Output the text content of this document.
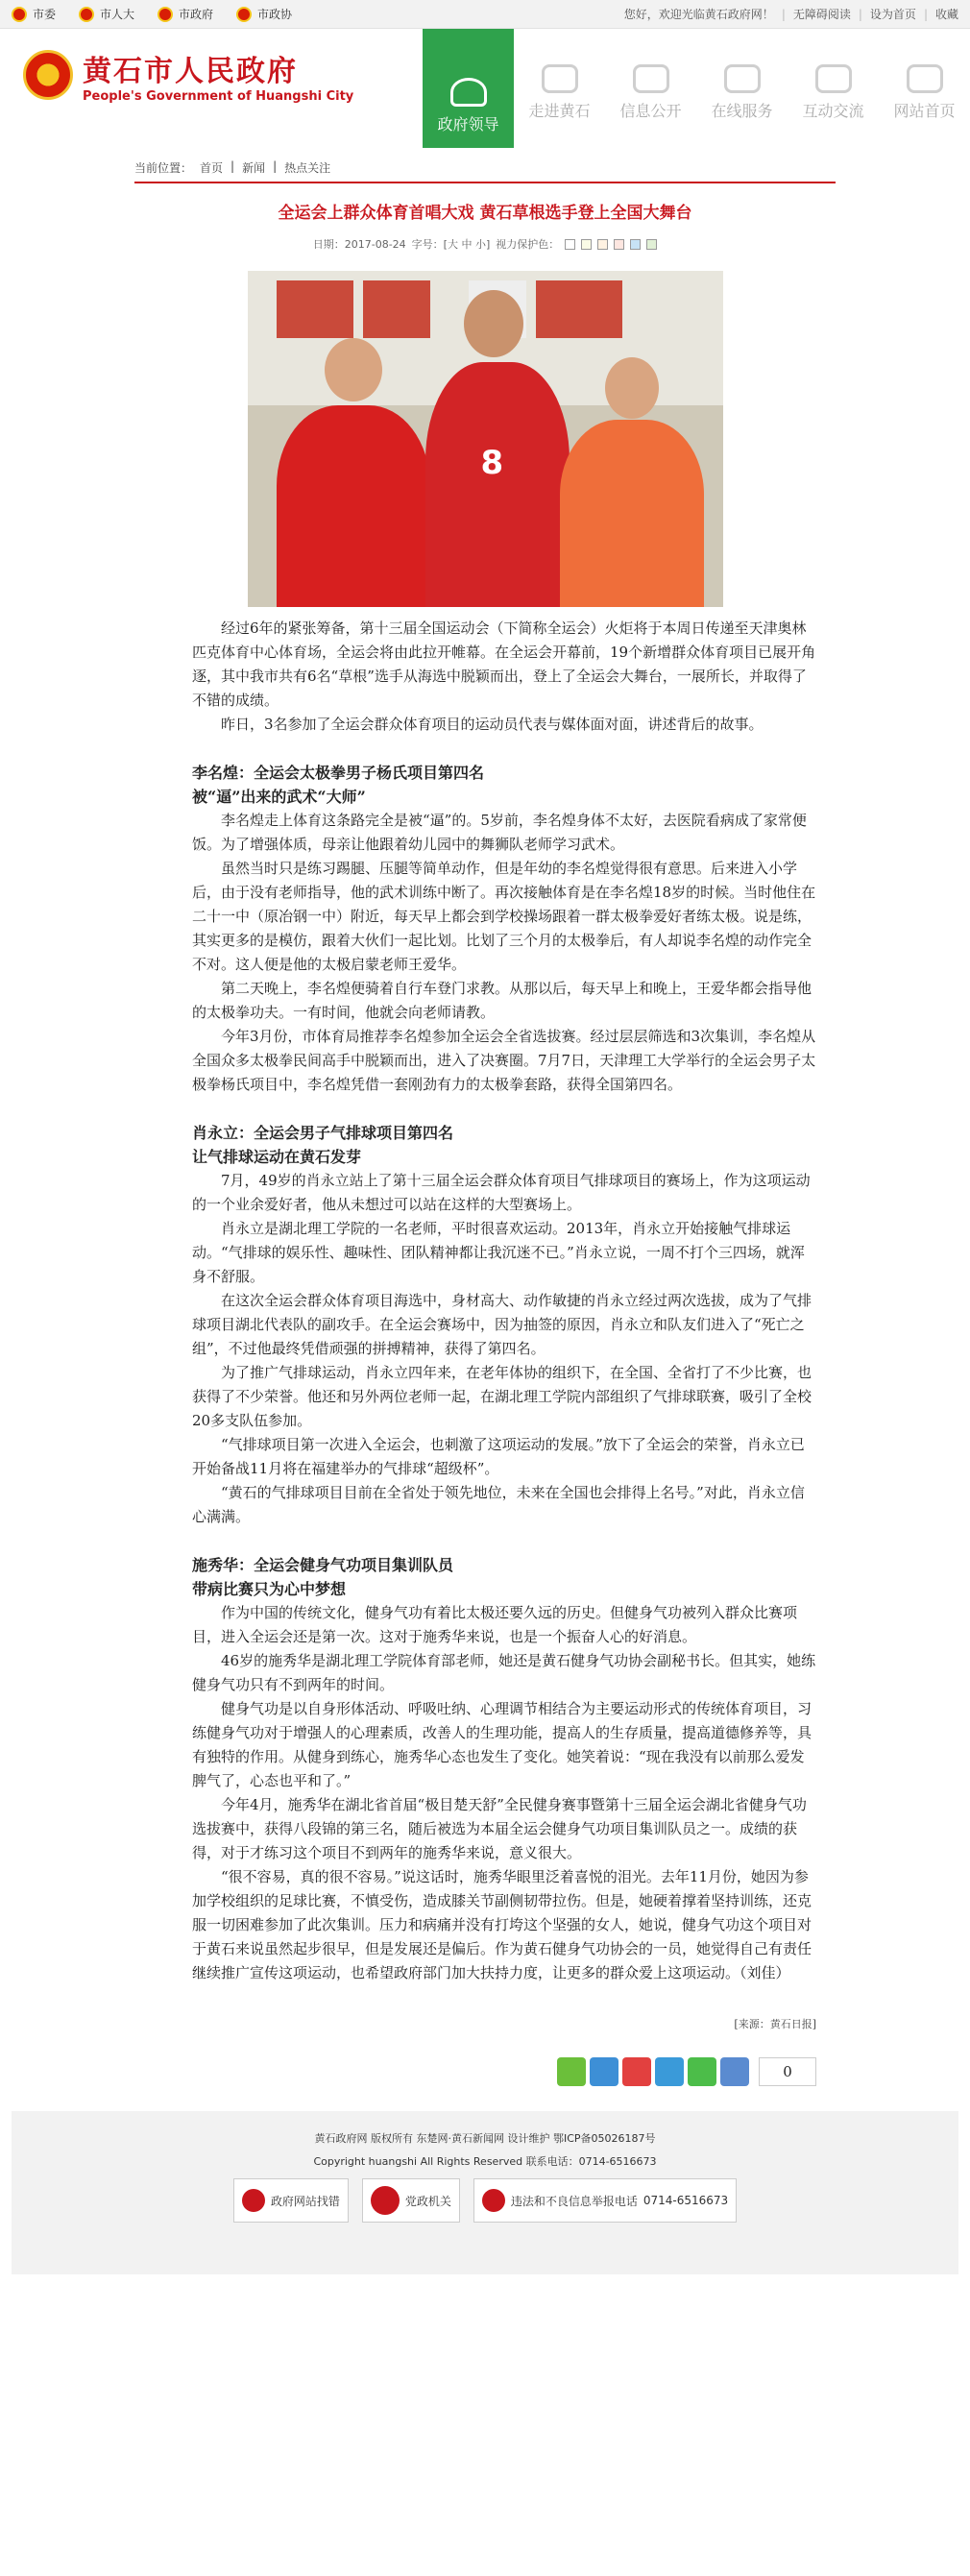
市委	市人大	市政府	市政协	您好，欢迎光临黄石政府网！ | 无障碍阅读 | 设为首页 | 收藏
黄石市人民政府
People's Government of Huangshi City
政府领导
走进黄石 信息公开 在线服务 互动交流 网站首页
当前位置： 首页 | 新闻 | 热点关注
全运会上群众体育首唱大戏 黄石草根选手登上全国大舞台
日期：2017-08-24 字号：[大 中 小] 视力保护色：
8

经过6年的紧张筹备，第十三届全国运动会（下简称全运会）火炬将于本周日传递至天津奥林匹克体育中心体育场，全运会将由此拉开帷幕。在全运会开幕前，19个新增群众体育项目已展开角逐，其中我市共有6名“草根”选手从海选中脱颖而出，登上了全运会大舞台，一展所长，并取得了不错的成绩。

昨日，3名参加了全运会群众体育项目的运动员代表与媒体面对面，讲述背后的故事。

李名煌：全运会太极拳男子杨氏项目第四名
被“逼”出来的武术“大师”

李名煌走上体育这条路完全是被“逼”的。5岁前，李名煌身体不太好，去医院看病成了家常便饭。为了增强体质，母亲让他跟着幼儿园中的舞狮队老师学习武术。

虽然当时只是练习踢腿、压腿等简单动作，但是年幼的李名煌觉得很有意思。后来进入小学后，由于没有老师指导，他的武术训练中断了。再次接触体育是在李名煌18岁的时候。当时他住在二十一中（原冶钢一中）附近，每天早上都会到学校操场跟着一群太极拳爱好者练太极。说是练，其实更多的是模仿，跟着大伙们一起比划。比划了三个月的太极拳后，有人却说李名煌的动作完全不对。这人便是他的太极启蒙老师王爱华。

第二天晚上，李名煌便骑着自行车登门求教。从那以后，每天早上和晚上，王爱华都会指导他的太极拳功夫。一有时间，他就会向老师请教。

今年3月份，市体育局推荐李名煌参加全运会全省选拔赛。经过层层筛选和3次集训，李名煌从全国众多太极拳民间高手中脱颖而出，进入了决赛圈。7月7日，天津理工大学举行的全运会男子太极拳杨氏项目中，李名煌凭借一套刚劲有力的太极拳套路，获得全国第四名。

肖永立：全运会男子气排球项目第四名
让气排球运动在黄石发芽

7月，49岁的肖永立站上了第十三届全运会群众体育项目气排球项目的赛场上，作为这项运动的一个业余爱好者，他从未想过可以站在这样的大型赛场上。

肖永立是湖北理工学院的一名老师，平时很喜欢运动。2013年，肖永立开始接触气排球运动。“气排球的娱乐性、趣味性、团队精神都让我沉迷不已。”肖永立说，一周不打个三四场，就浑身不舒服。

在这次全运会群众体育项目海选中，身材高大、动作敏捷的肖永立经过两次选拔，成为了气排球项目湖北代表队的副攻手。在全运会赛场中，因为抽签的原因，肖永立和队友们进入了“死亡之组”，不过他最终凭借顽强的拼搏精神，获得了第四名。

为了推广气排球运动，肖永立四年来，在老年体协的组织下，在全国、全省打了不少比赛，也获得了不少荣誉。他还和另外两位老师一起，在湖北理工学院内部组织了气排球联赛，吸引了全校20多支队伍参加。

“气排球项目第一次进入全运会，也刺激了这项运动的发展。”放下了全运会的荣誉，肖永立已开始备战11月将在福建举办的气排球“超级杯”。

“黄石的气排球项目目前在全省处于领先地位，未来在全国也会排得上名号。”对此，肖永立信心满满。

施秀华：全运会健身气功项目集训队员
带病比赛只为心中梦想

作为中国的传统文化，健身气功有着比太极还要久远的历史。但健身气功被列入群众比赛项目，进入全运会还是第一次。这对于施秀华来说，也是一个振奋人心的好消息。

46岁的施秀华是湖北理工学院体育部老师，她还是黄石健身气功协会副秘书长。但其实，她练健身气功只有不到两年的时间。

健身气功是以自身形体活动、呼吸吐纳、心理调节相结合为主要运动形式的传统体育项目，习练健身气功对于增强人的心理素质，改善人的生理功能，提高人的生存质量，提高道德修养等，具有独特的作用。从健身到练心，施秀华心态也发生了变化。她笑着说：“现在我没有以前那么爱发脾气了，心态也平和了。”

今年4月，施秀华在湖北省首届“极目楚天舒”全民健身赛事暨第十三届全运会湖北省健身气功选拔赛中，获得八段锦的第三名，随后被选为本届全运会健身气功项目集训队员之一。成绩的获得，对于才练习这个项目不到两年的施秀华来说，意义很大。

“很不容易，真的很不容易。”说这话时，施秀华眼里泛着喜悦的泪光。去年11月份，她因为参加学校组织的足球比赛，不慎受伤，造成膝关节副侧韧带拉伤。但是，她硬着撑着坚持训练，还克服一切困难参加了此次集训。压力和病痛并没有打垮这个坚强的女人，她说，健身气功这个项目对于黄石来说虽然起步很早，但是发展还是偏后。作为黄石健身气功协会的一员，她觉得自己有责任继续推广宣传这项运动，也希望政府部门加大扶持力度，让更多的群众爱上这项运动。（刘佳）

[来源：黄石日报]
0
黄石政府网 版权所有 东楚网·黄石新闻网 设计维护 鄂ICP备05026187号
Copyright huangshi All Rights Reserved 联系电话：0714-6516673
政府网站找错	党政机关	违法和不良信息举报电话 0714-6516673
